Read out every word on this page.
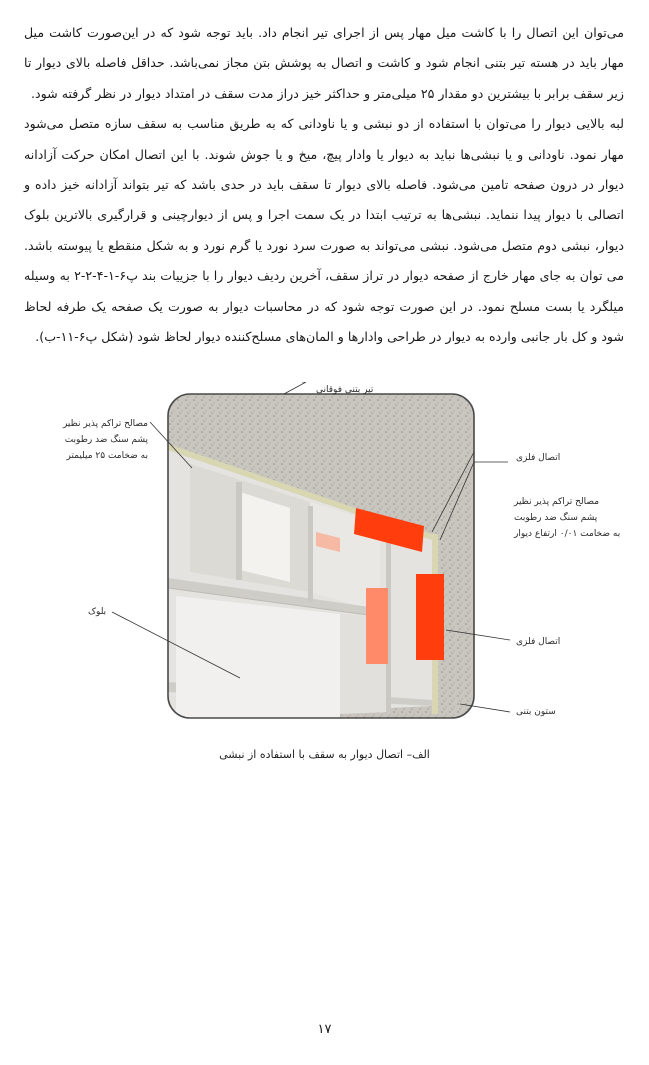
می‌توان این اتصال را با کاشت میل مهار پس از اجرای تیر انجام داد. باید توجه شود که در این‌صورت کاشت میل مهار باید در هسته تیر بتنی انجام شود و کاشت و اتصال به پوشش بتن مجاز نمی‌باشد. حداقل فاصله بالای دیوار تا زیر سقف برابر با بیشترین دو مقدار ۲۵ میلی‌متر و حداکثر خیز دراز مدت سقف در امتداد دیوار در نظر گرفته شود.

لبه بالایی دیوار را می‌توان با استفاده از دو نبشی و یا ناودانی که به طریق مناسب به سقف سازه متصل می‌شود مهار نمود. ناودانی و یا نبشی‌ها نباید به دیوار یا وادار پیچ، میخ و یا جوش شوند. با این اتصال امکان حرکت آزادانه دیوار در درون صفحه تامین می‌شود. فاصله بالای دیوار تا سقف باید در حدی باشد که تیر بتواند آزادانه خیز داده و اتصالی با دیوار پیدا ننماید. نبشی‌ها به ترتیب ابتدا در یک سمت اجرا و پس از دیوارچینی و قرارگیری بالاترین بلوک دیوار، نبشی دوم متصل می‌شود. نبشی می‌تواند به صورت سرد نورد یا گرم نورد و به شکل منقطع یا پیوسته باشد. می توان به جای مهار خارج از صفحه دیوار در تراز سقف، آخرین ردیف دیوار را با جزییات بند پ۶-۱-۴-۲-۲ به وسیله میلگرد یا بست مسلح نمود. در این صورت توجه شود که در محاسبات دیوار به صورت یک صفحه یک طرفه لحاظ شود و کل بار جانبی وارده به دیوار در طراحی وادارها و المان‌های مسلح‌کننده دیوار لحاظ شود (شکل پ۶-۱۱-ب).

تیر بتنی فوقانی
مصالح تراکم پذیر نظیر
پشم سنگ ضد رطوبت
به ضخامت ۲۵ میلیمتر	اتصال فلزی
مصالح تراکم پذیر نظیر
پشم سنگ ضد رطوبت
به ضخامت ۰/۰۱ ارتفاع دیوار
بلوک
اتصال فلزی
ستون بتنی
الف– اتصال دیوار به سقف با استفاده از نبشی
۱۷
